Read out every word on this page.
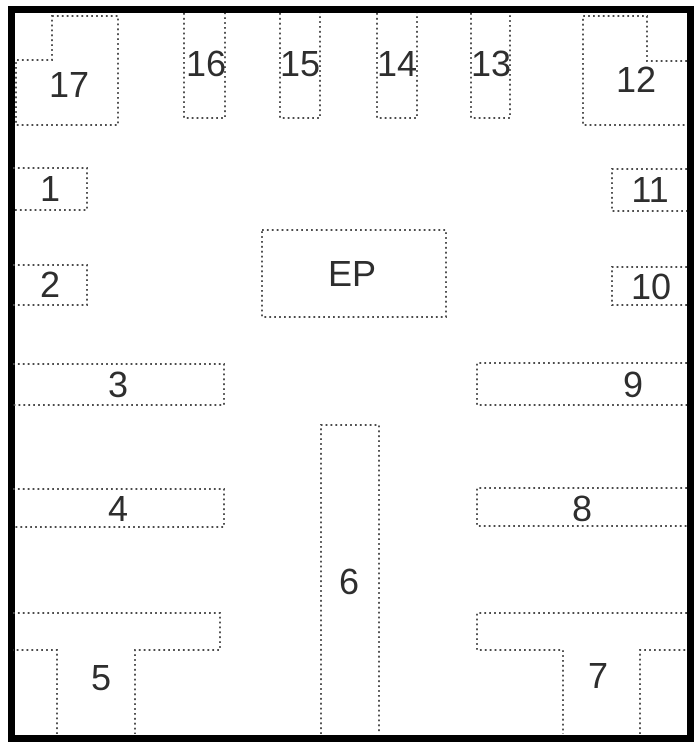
1
2
3
4
5
6
7
8
9
10
11
12
13
14
15
16
17
EP
